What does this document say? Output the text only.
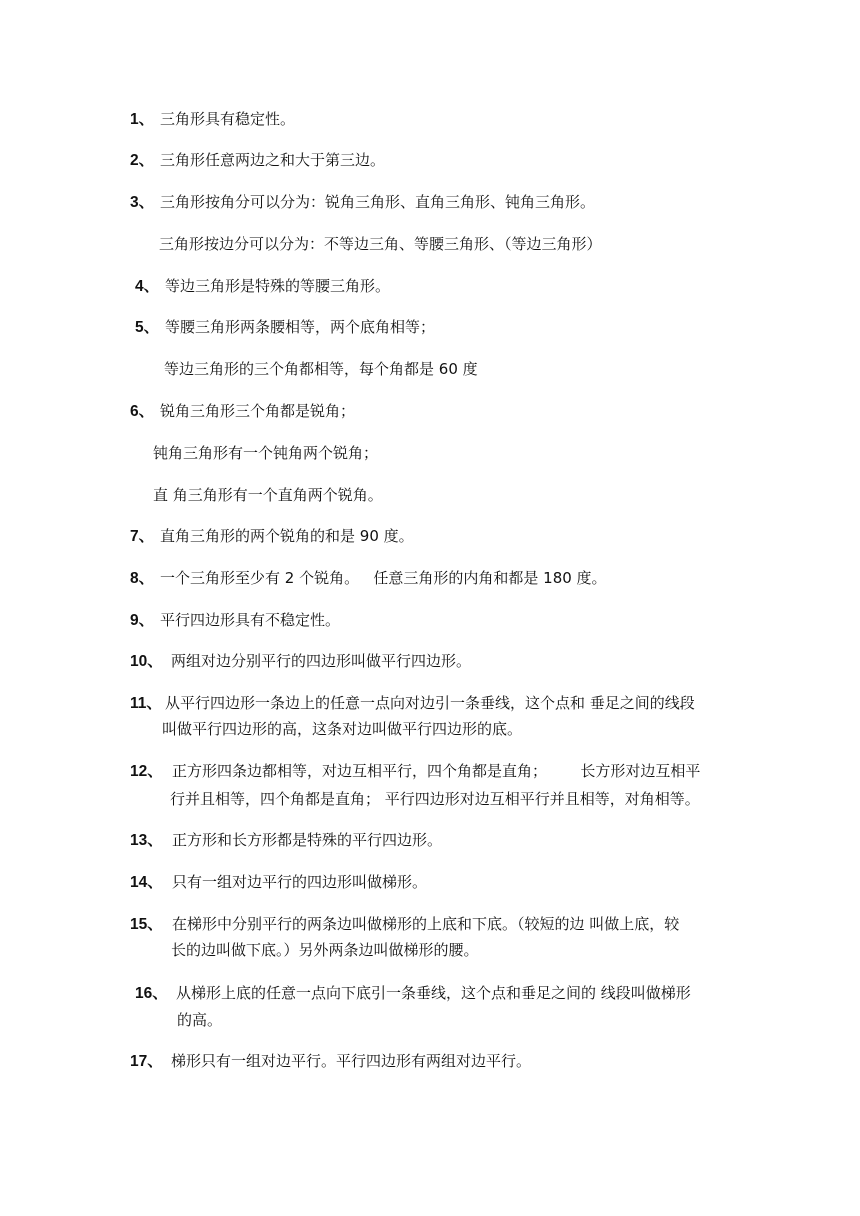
1、 三角形具有稳定性。
2、 三角形任意两边之和大于第三边。
3、 三角形按角分可以分为：锐角三角形、直角三角形、钝角三角形。
三角形按边分可以分为：不等边三角、等腰三角形、（等边三角形）
4、 等边三角形是特殊的等腰三角形。
5、 等腰三角形两条腰相等，两个底角相等；
等边三角形的三个角都相等，每个角都是 60 度
6、 锐角三角形三个角都是锐角；
钝角三角形有一个钝角两个锐角；
直 角三角形有一个直角两个锐角。
7、 直角三角形的两个锐角的和是 90 度。
8、 一个三角形至少有 2 个锐角。   任意三角形的内角和都是 180 度。
9、 平行四边形具有不稳定性。
10、 两组对边分别平行的四边形叫做平行四边形。
11、 从平行四边形一条边上的任意一点向对边引一条垂线，这个点和 垂足之间的线段
叫做平行四边形的高，这条对边叫做平行四边形的底。
12、 正方形四条边都相等，对边互相平行，四个角都是直角；       长方形对边互相平
行并且相等，四个角都是直角； 平行四边形对边互相平行并且相等，对角相等。
13、 正方形和长方形都是特殊的平行四边形。
14、 只有一组对边平行的四边形叫做梯形。
15、 在梯形中分别平行的两条边叫做梯形的上底和下底。（较短的边 叫做上底，较
长的边叫做下底。）另外两条边叫做梯形的腰。
16、 从梯形上底的任意一点向下底引一条垂线，这个点和垂足之间的 线段叫做梯形
的高。
17、 梯形只有一组对边平行。平行四边形有两组对边平行。
